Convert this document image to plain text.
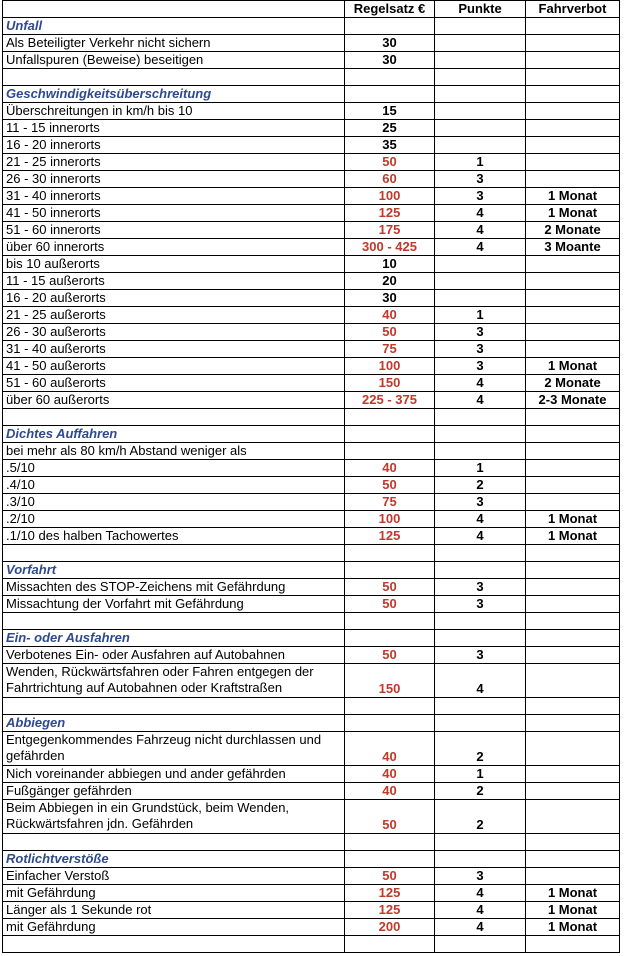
	Regelsatz €	Punkte	Fahrverbot
Unfall			
Als Beteiligter Verkehr nicht sichern	30		
Unfallspuren (Beweise) beseitigen	30		

Geschwindigkeitsüberschreitung			
Überschreitungen in km/h bis 10	15		
11 - 15 innerorts	25		
16 - 20 innerorts	35		
21 - 25 innerorts	50	1	
26 - 30 innerorts	60	3	
31 - 40 innerorts	100	3	1 Monat
41 - 50 innerorts	125	4	1 Monat
51 - 60 innerorts	175	4	2 Monate
über 60 innerorts	300 - 425	4	3 Moante
bis 10 außerorts	10		
11 - 15 außerorts	20		
16 - 20 außerorts	30		
21 - 25 außerorts	40	1	
26 - 30 außerorts	50	3	
31 - 40 außerorts	75	3	
41 - 50 außerorts	100	3	1 Monat
51 - 60 außerorts	150	4	2 Monate
über 60 außerorts	225 - 375	4	2-3 Monate

Dichtes Auffahren			
bei mehr als 80 km/h Abstand weniger als			
.5/10	40	1	
.4/10	50	2	
.3/10	75	3	
.2/10	100	4	1 Monat
.1/10 des halben Tachowertes	125	4	1 Monat

Vorfahrt			
Missachten des STOP-Zeichens mit Gefährdung	50	3	
Missachtung der Vorfahrt mit Gefährdung	50	3	

Ein- oder Ausfahren			
Verbotenes Ein- oder Ausfahren auf Autobahnen	50	3	
Wenden, Rückwärtsfahren oder Fahren entgegen der Fahrtrichtung auf Autobahnen oder Kraftstraßen	150	4	

Abbiegen			
Entgegenkommendes Fahrzeug nicht durchlassen und gefährden	40	2	
Nich voreinander abbiegen und ander gefährden	40	1	
Fußgänger gefährden	40	2	
Beim Abbiegen in ein Grundstück, beim Wenden, Rückwärtsfahren jdn. Gefährden	50	2	

Rotlichtverstöße			
Einfacher Verstoß	50	3	
mit Gefährdung	125	4	1 Monat
Länger als 1 Sekunde rot	125	4	1 Monat
mit Gefährdung	200	4	1 Monat
